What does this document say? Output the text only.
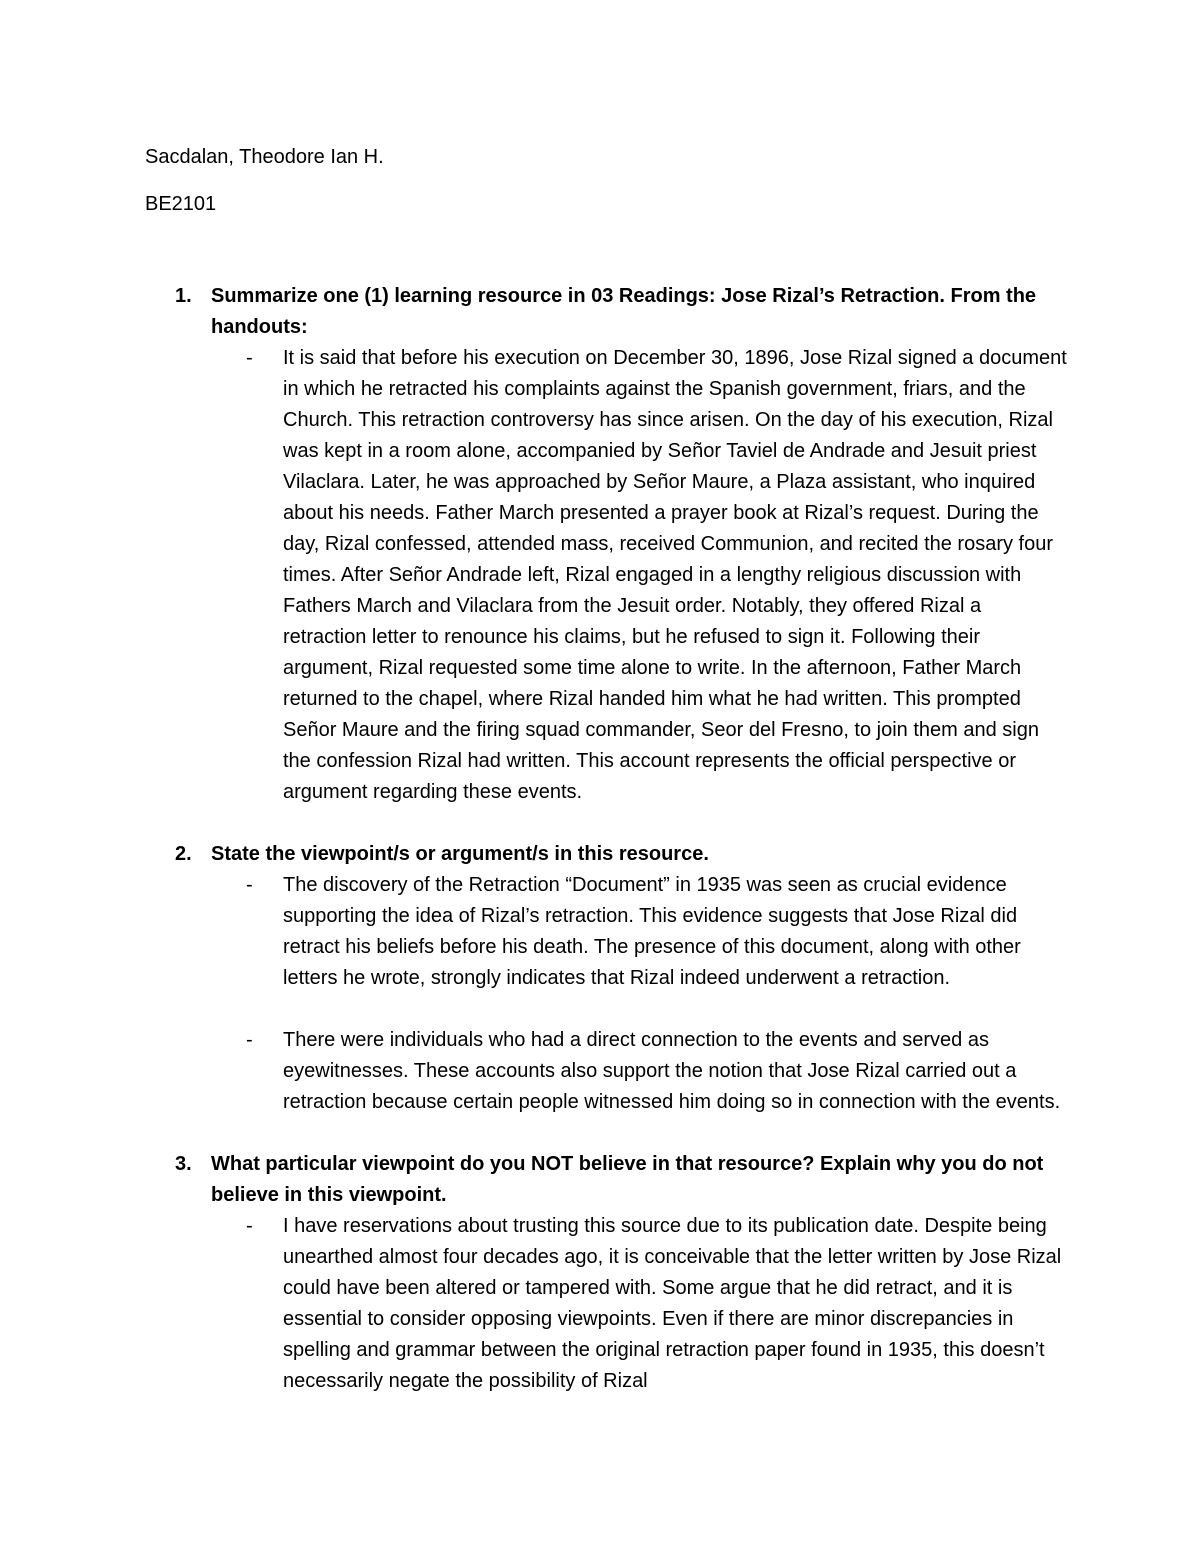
Sacdalan, Theodore Ian H.
BE2101
1. Summarize one (1) learning resource in 03 Readings: Jose Rizal’s Retraction. From the handouts:
- It is said that before his execution on December 30, 1896, Jose Rizal signed a document in which he retracted his complaints against the Spanish government, friars, and the Church. This retraction controversy has since arisen. On the day of his execution, Rizal was kept in a room alone, accompanied by Señor Taviel de Andrade and Jesuit priest Vilaclara. Later, he was approached by Señor Maure, a Plaza assistant, who inquired about his needs. Father March presented a prayer book at Rizal’s request. During the day, Rizal confessed, attended mass, received Communion, and recited the rosary four times. After Señor Andrade left, Rizal engaged in a lengthy religious discussion with Fathers March and Vilaclara from the Jesuit order. Notably, they offered Rizal a retraction letter to renounce his claims, but he refused to sign it. Following their argument, Rizal requested some time alone to write. In the afternoon, Father March returned to the chapel, where Rizal handed him what he had written. This prompted Señor Maure and the firing squad commander, Seor del Fresno, to join them and sign the confession Rizal had written. This account represents the official perspective or argument regarding these events.
2. State the viewpoint/s or argument/s in this resource.
- The discovery of the Retraction “Document” in 1935 was seen as crucial evidence supporting the idea of Rizal’s retraction. This evidence suggests that Jose Rizal did retract his beliefs before his death. The presence of this document, along with other letters he wrote, strongly indicates that Rizal indeed underwent a retraction.
- There were individuals who had a direct connection to the events and served as eyewitnesses. These accounts also support the notion that Jose Rizal carried out a retraction because certain people witnessed him doing so in connection with the events.
3. What particular viewpoint do you NOT believe in that resource? Explain why you do not believe in this viewpoint.
- I have reservations about trusting this source due to its publication date. Despite being unearthed almost four decades ago, it is conceivable that the letter written by Jose Rizal could have been altered or tampered with. Some argue that he did retract, and it is essential to consider opposing viewpoints. Even if there are minor discrepancies in spelling and grammar between the original retraction paper found in 1935, this doesn’t necessarily negate the possibility of Rizal
